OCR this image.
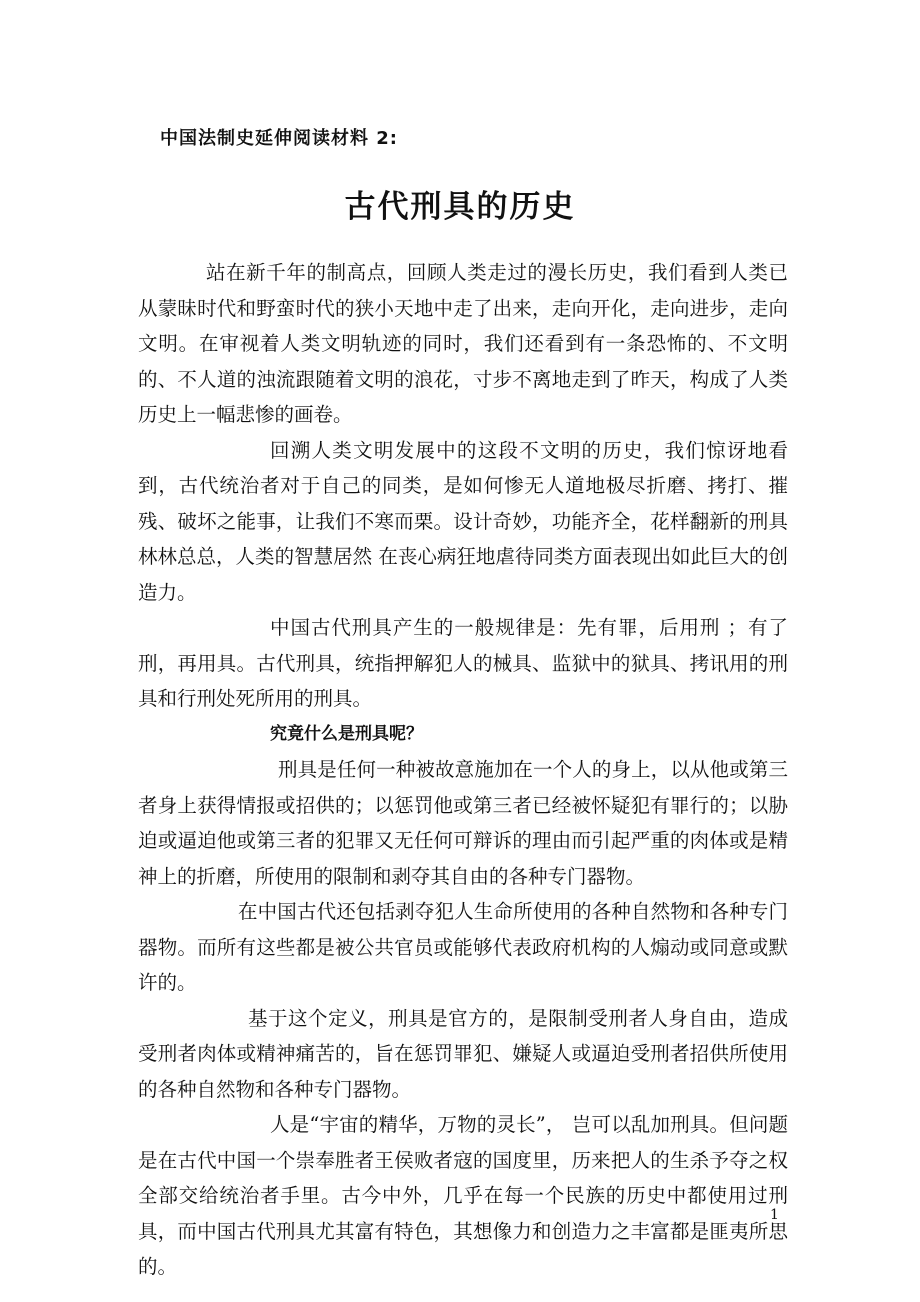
中国法制史延伸阅读材料 2:
古代刑具的历史

站在新千年的制高点，回顾人类走过的漫长历史，我们看到人类已从蒙昧时代和野蛮时代的狭小天地中走了出来，走向开化，走向进步，走向文明。在审视着人类文明轨迹的同时，我们还看到有一条恐怖的、不文明的、不人道的浊流跟随着文明的浪花，寸步不离地走到了昨天，构成了人类历史上一幅悲惨的画卷。

回溯人类文明发展中的这段不文明的历史，我们惊讶地看到，古代统治者对于自己的同类，是如何惨无人道地极尽折磨、拷打、摧残、破坏之能事，让我们不寒而栗。设计奇妙，功能齐全，花样翻新的刑具林林总总，人类的智慧居然 在丧心病狂地虐待同类方面表现出如此巨大的创造力。

中国古代刑具产生的一般规律是：先有罪，后用刑 ；有了刑，再用具。古代刑具，统指押解犯人的械具、监狱中的狱具、拷讯用的刑具和行刑处死所用的刑具。

究竟什么是刑具呢？

刑具是任何一种被故意施加在一个人的身上，以从他或第三者身上获得情报或招供的；以惩罚他或第三者已经被怀疑犯有罪行的；以胁迫或逼迫他或第三者的犯罪又无任何可辩诉的理由而引起严重的肉体或是精神上的折磨，所使用的限制和剥夺其自由的各种专门器物。

在中国古代还包括剥夺犯人生命所使用的各种自然物和各种专门器物。而所有这些都是被公共官员或能够代表政府机构的人煽动或同意或默许的。

基于这个定义，刑具是官方的，是限制受刑者人身自由，造成受刑者肉体或精神痛苦的，旨在惩罚罪犯、嫌疑人或逼迫受刑者招供所使用的各种自然物和各种专门器物。

人是“宇宙的精华，万物的灵长”， 岂可以乱加刑具。但问题是在古代中国一个崇奉胜者王侯败者寇的国度里，历来把人的生杀予夺之权全部交给统治者手里。古今中外，几乎在每一个民族的历史中都使用过刑具，而中国古代刑具尤其富有特色，其想像力和创造力之丰富都是匪夷所思的。

1
